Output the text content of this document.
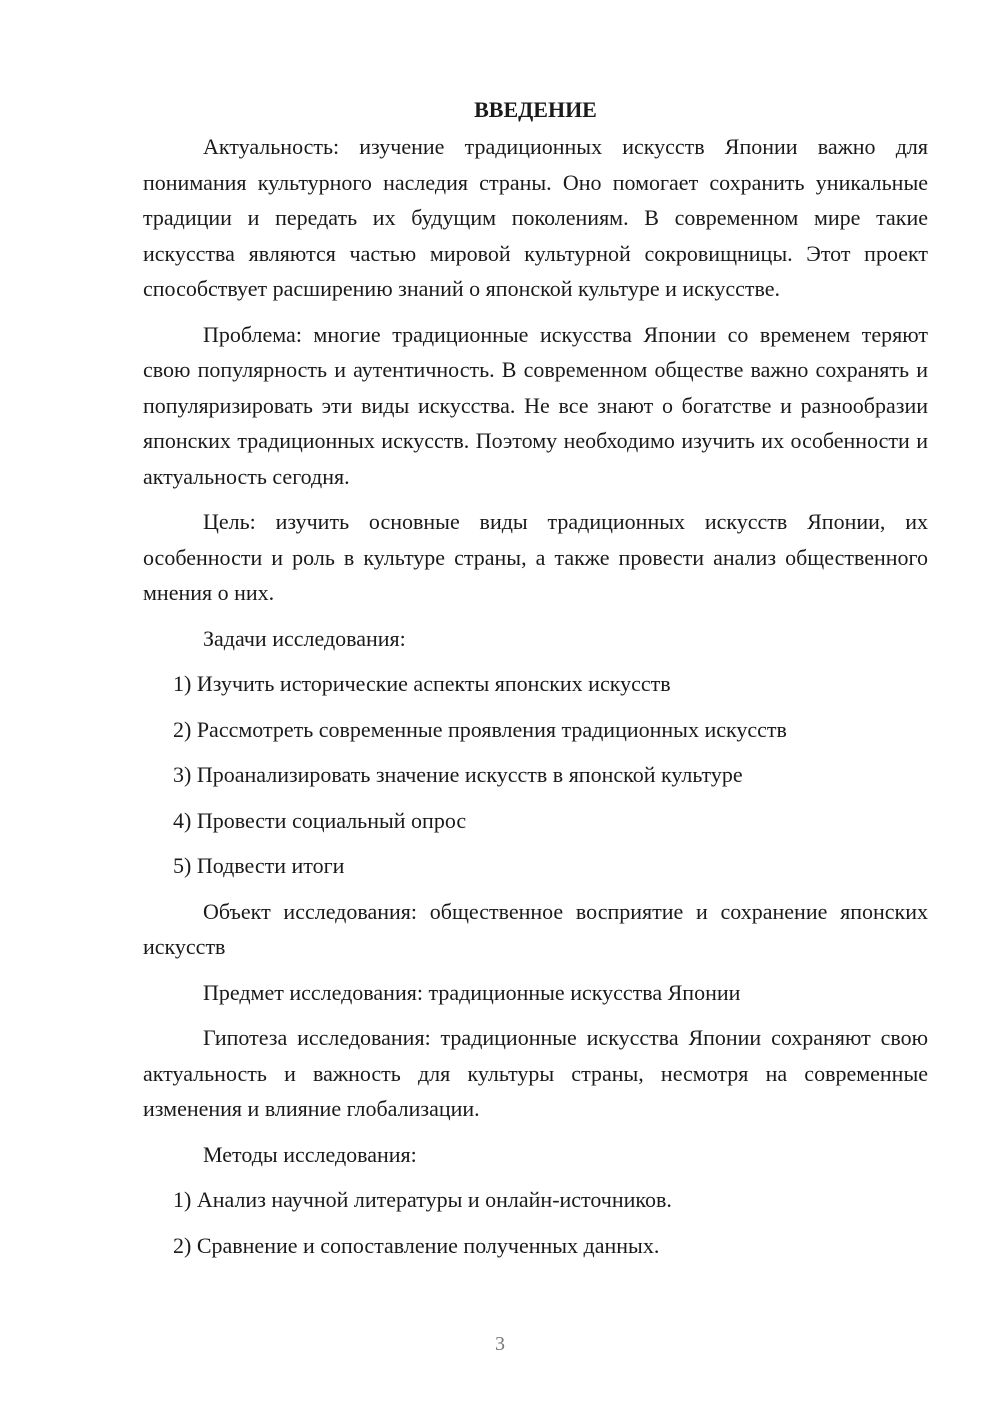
ВВЕДЕНИЕ
Актуальность: изучение традиционных искусств Японии важно для понимания культурного наследия страны. Оно помогает сохранить уникальные традиции и передать их будущим поколениям. В современном мире такие искусства являются частью мировой культурной сокровищницы. Этот проект способствует расширению знаний о японской культуре и искусстве.
Проблема: многие традиционные искусства Японии со временем теряют свою популярность и аутентичность. В современном обществе важно сохранять и популяризировать эти виды искусства. Не все знают о богатстве и разнообразии японских традиционных искусств. Поэтому необходимо изучить их особенности и актуальность сегодня.
Цель: изучить основные виды традиционных искусств Японии, их особенности и роль в культуре страны, а также провести анализ общественного мнения о них.
Задачи исследования:
1) Изучить исторические аспекты японских искусств
2) Рассмотреть современные проявления традиционных искусств
3) Проанализировать значение искусств в японской культуре
4) Провести социальный опрос
5) Подвести итоги
Объект исследования: общественное восприятие и сохранение японских искусств
Предмет исследования: традиционные искусства Японии
Гипотеза исследования: традиционные искусства Японии сохраняют свою актуальность и важность для культуры страны, несмотря на современные изменения и влияние глобализации.
Методы исследования:
1) Анализ научной литературы и онлайн-источников.
2) Сравнение и сопоставление полученных данных.
3
